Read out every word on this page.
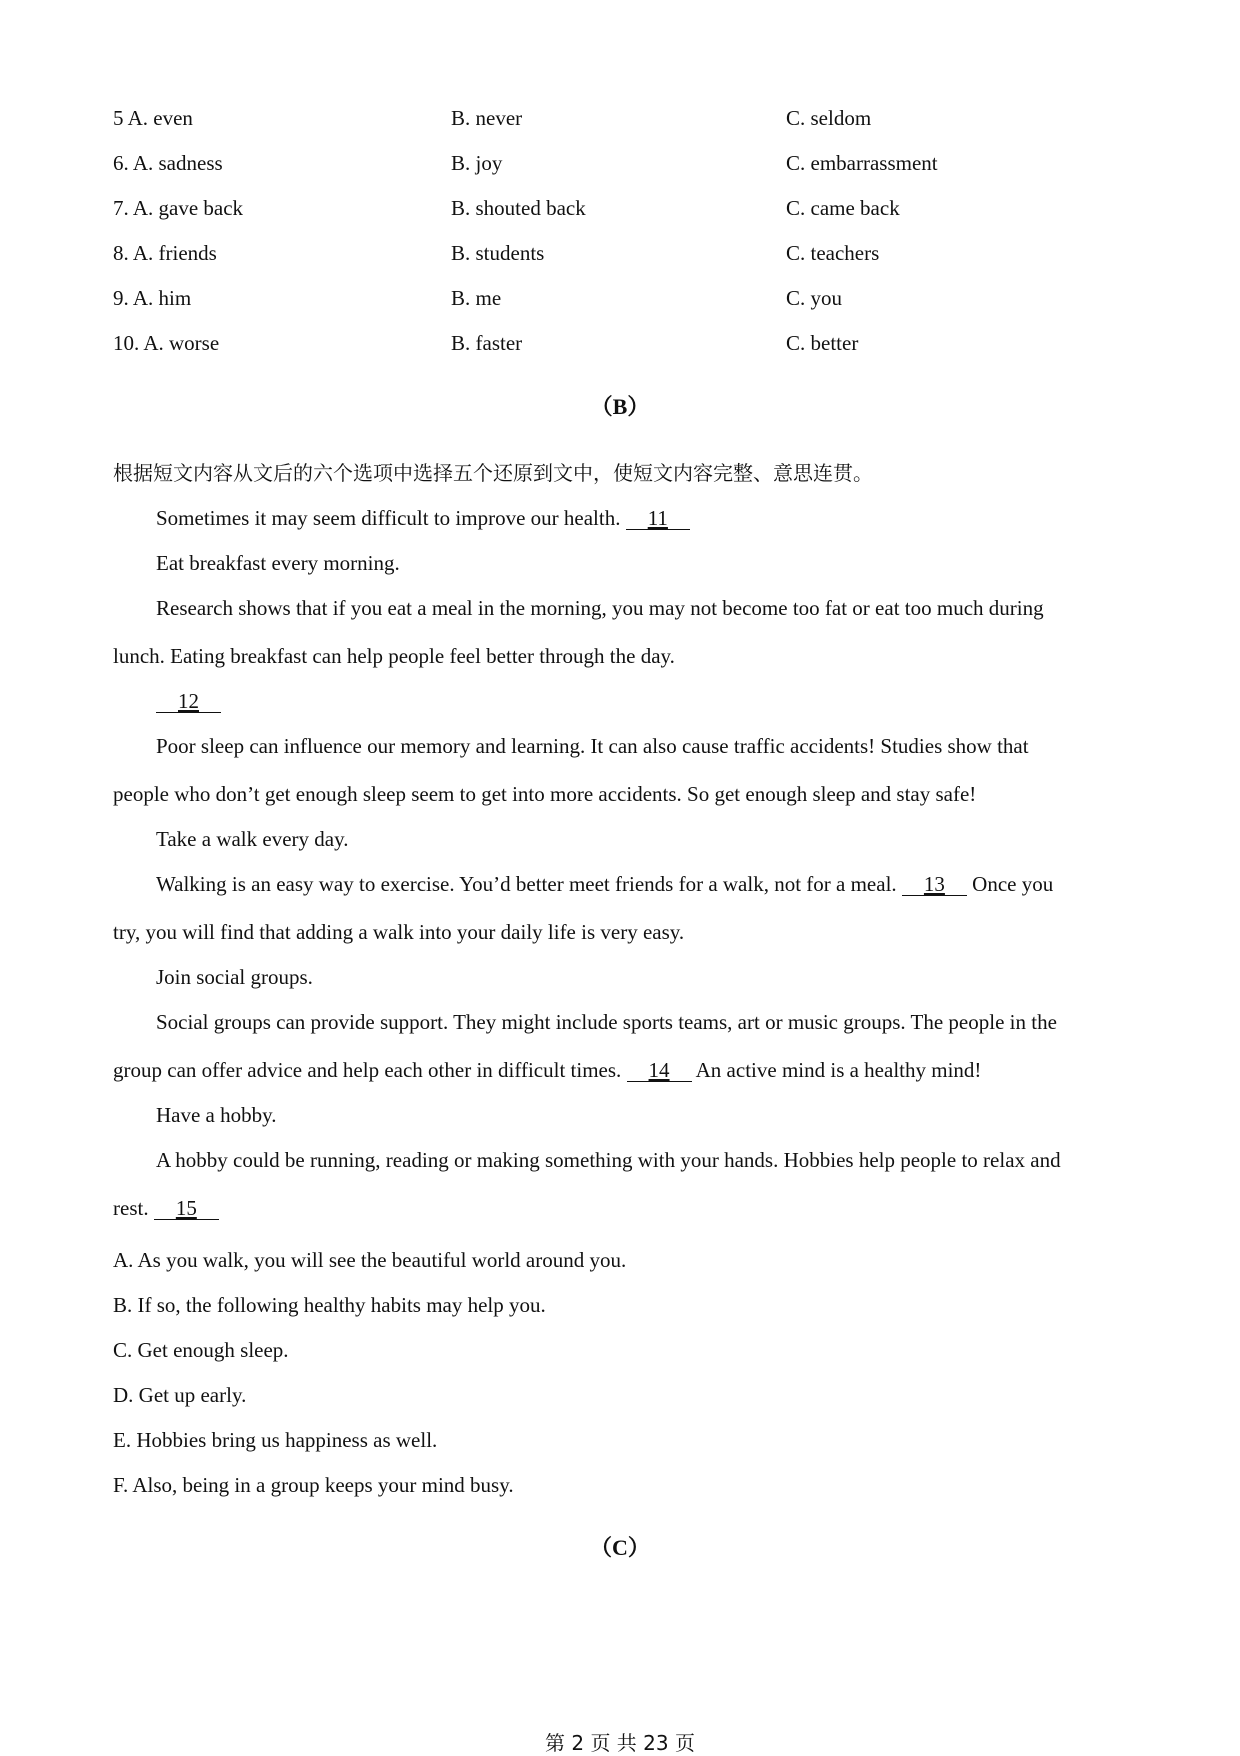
5 A. even	B. never	C. seldom
6. A. sadness	B. joy	C. embarrassment
7. A. gave back	B. shouted back	C. came back
8. A. friends	B. students	C. teachers
9. A. him	B. me	C. you
10. A. worse	B. faster	C. better
（B）
根据短文内容从文后的六个选项中选择五个还原到文中，使短文内容完整、意思连贯。
Sometimes it may seem difficult to improve our health. 11
Eat breakfast every morning.
Research shows that if you eat a meal in the morning, you may not become too fat or eat too much during
lunch. Eating breakfast can help people feel better through the day.
12
Poor sleep can influence our memory and learning. It can also cause traffic accidents! Studies show that
people who don’t get enough sleep seem to get into more accidents. So get enough sleep and stay safe!
Take a walk every day.
Walking is an easy way to exercise. You’d better meet friends for a walk, not for a meal. 13 Once you
try, you will find that adding a walk into your daily life is very easy.
Join social groups.
Social groups can provide support. They might include sports teams, art or music groups. The people in the
group can offer advice and help each other in difficult times. 14 An active mind is a healthy mind!
Have a hobby.
A hobby could be running, reading or making something with your hands. Hobbies help people to relax and
rest. 15
A. As you walk, you will see the beautiful world around you.
B. If so, the following healthy habits may help you.
C. Get enough sleep.
D. Get up early.
E. Hobbies bring us happiness as well.
F. Also, being in a group keeps your mind busy.
（C）
第 2 页 共 23 页
